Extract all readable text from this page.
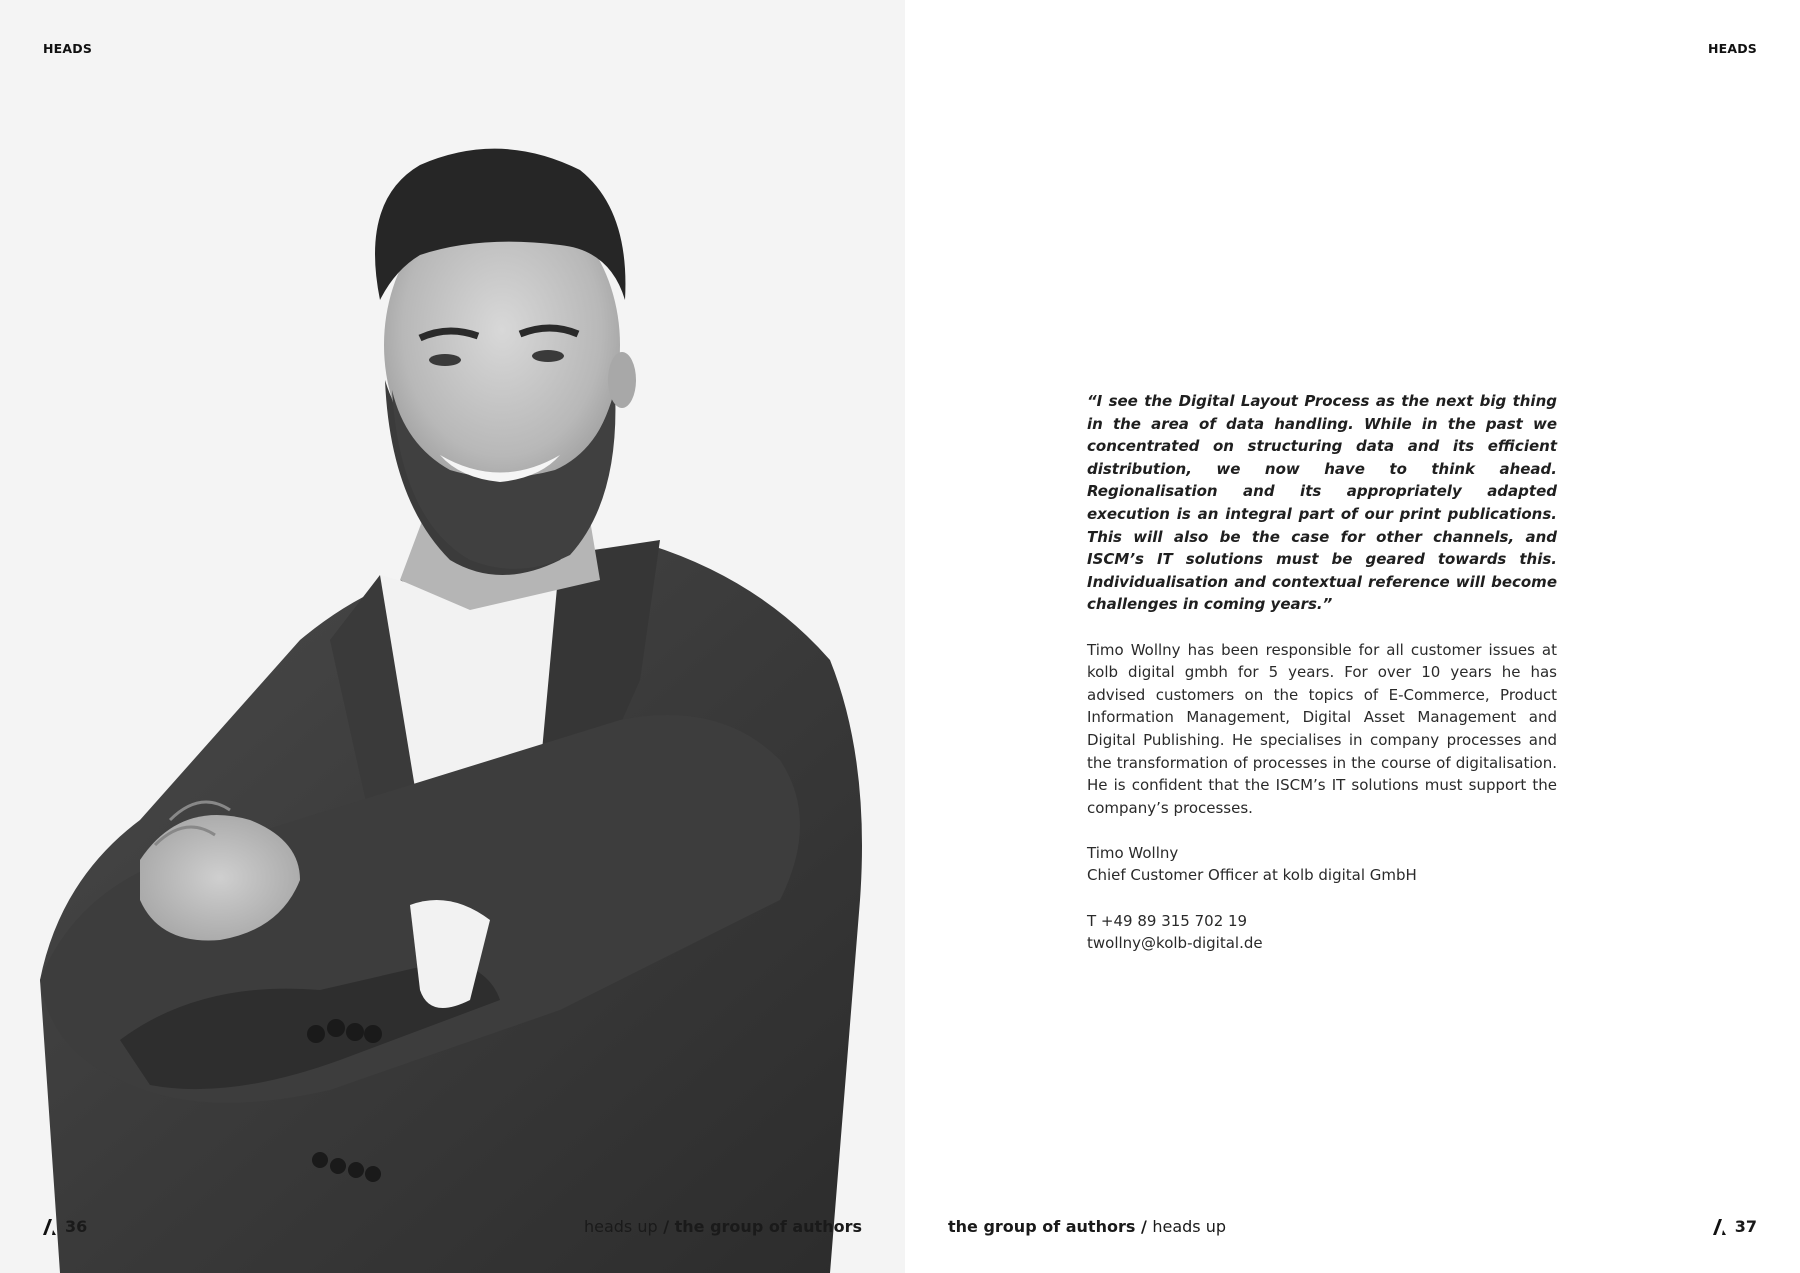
HEADS
36	heads up / the group of authors
HEADS

“I see the Digital Layout Process as the next big thing in the area of data handling. While in the past we concentrated on structuring data and its efficient distribution, we now have to think ahead. Regionalisation and its appropriately adapted execution is an integral part of our print publications. This will also be the case for other channels, and ISCM’s IT solutions must be geared towards this. Individualisation and contextual reference will become challenges in coming years.”

Timo Wollny has been responsible for all customer issues at kolb digital gmbh for 5 years. For over 10 years he has advised customers on the topics of E-Commerce, Product Information Management, Digital Asset Management and Digital Publishing. He specialises in company processes and the transformation of processes in the course of digitalisation. He is confident that the ISCM’s IT solutions must support the company’s processes.

Timo Wollny
Chief Customer Officer at kolb digital GmbH

T +49 89 315 702 19
twollny@kolb-digital.de

the group of authors / heads up	37
